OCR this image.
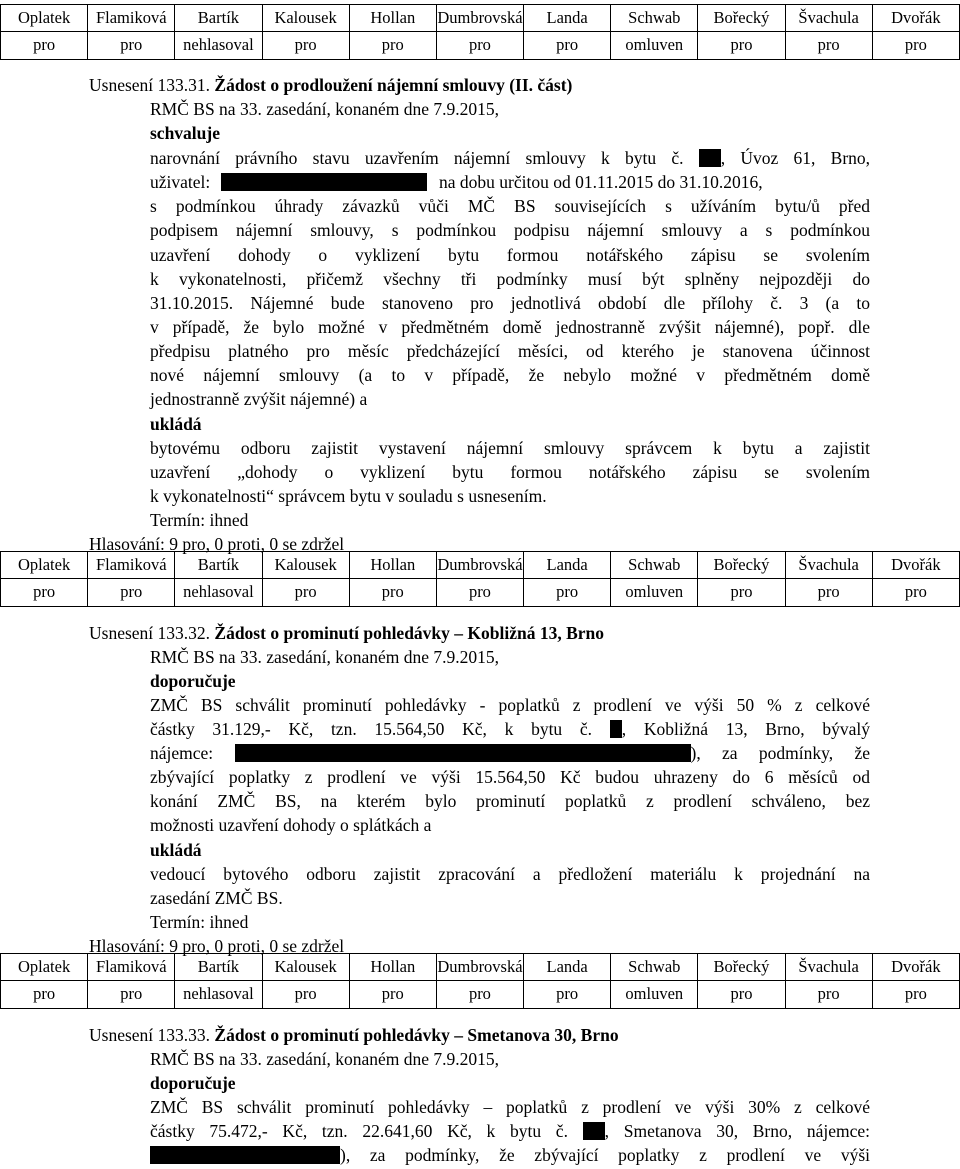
Oplatek	Flamiková	Bartík	Kalousek	Hollan	Dumbrovská	Landa	Schwab	Bořecký	Švachula	Dvořák
pro	pro	nehlasoval	pro	pro	pro	pro	omluven	pro	pro	pro
Usnesení 133.31. Žádost o prodloužení nájemní smlouvy (II. část)
RMČ BS na 33. zasedání, konaném dne 7.9.2015,
schvaluje
narovnání právního stavu uzavřením nájemní smlouvy k bytu č. , Úvoz 61, Brno,
uživatel:	na dobu určitou od 01.11.2015 do 31.10.2016,
s podmínkou úhrady závazků vůči MČ BS souvisejících s užíváním bytu/ů před
podpisem nájemní smlouvy, s podmínkou podpisu nájemní smlouvy a s podmínkou
uzavření dohody o vyklizení bytu formou notářského zápisu se svolením
k vykonatelnosti, přičemž všechny tři podmínky musí být splněny nejpozději do
31.10.2015. Nájemné bude stanoveno pro jednotlivá období dle přílohy č. 3 (a to
v případě, že bylo možné v předmětném domě jednostranně zvýšit nájemné), popř. dle
předpisu platného pro měsíc předcházející měsíci, od kterého je stanovena účinnost
nové nájemní smlouvy (a to v případě, že nebylo možné v předmětném domě
jednostranně zvýšit nájemné) a
ukládá
bytovému odboru zajistit vystavení nájemní smlouvy správcem k bytu a zajistit
uzavření „dohody o vyklizení bytu formou notářského zápisu se svolením
k vykonatelnosti“ správcem bytu v souladu s usnesením.
Termín: ihned
Hlasování: 9 pro, 0 proti, 0 se zdržel
Oplatek	Flamiková	Bartík	Kalousek	Hollan	Dumbrovská	Landa	Schwab	Bořecký	Švachula	Dvořák
pro	pro	nehlasoval	pro	pro	pro	pro	omluven	pro	pro	pro
Usnesení 133.32. Žádost o prominutí pohledávky – Kobližná 13, Brno
RMČ BS na 33. zasedání, konaném dne 7.9.2015,
doporučuje
ZMČ BS schválit prominutí pohledávky - poplatků z prodlení ve výši 50 % z celkové
částky 31.129,- Kč, tzn. 15.564,50 Kč, k bytu č. , Kobližná 13, Brno, bývalý
nájemce:	), za podmínky, že
zbývající poplatky z prodlení ve výši 15.564,50 Kč budou uhrazeny do 6 měsíců od
konání ZMČ BS, na kterém bylo prominutí poplatků z prodlení schváleno, bez
možnosti uzavření dohody o splátkách a
ukládá
vedoucí bytového odboru zajistit zpracování a předložení materiálu k projednání na
zasedání ZMČ BS.
Termín: ihned
Hlasování: 9 pro, 0 proti, 0 se zdržel
Oplatek	Flamiková	Bartík	Kalousek	Hollan	Dumbrovská	Landa	Schwab	Bořecký	Švachula	Dvořák
pro	pro	nehlasoval	pro	pro	pro	pro	omluven	pro	pro	pro
Usnesení 133.33. Žádost o prominutí pohledávky – Smetanova 30, Brno
RMČ BS na 33. zasedání, konaném dne 7.9.2015,
doporučuje
ZMČ BS schválit prominutí pohledávky – poplatků z prodlení ve výši 30% z celkové
částky 75.472,- Kč, tzn. 22.641,60 Kč, k bytu č. , Smetanova 30, Brno, nájemce:
), za podmínky, že zbývající poplatky z prodlení ve výši
